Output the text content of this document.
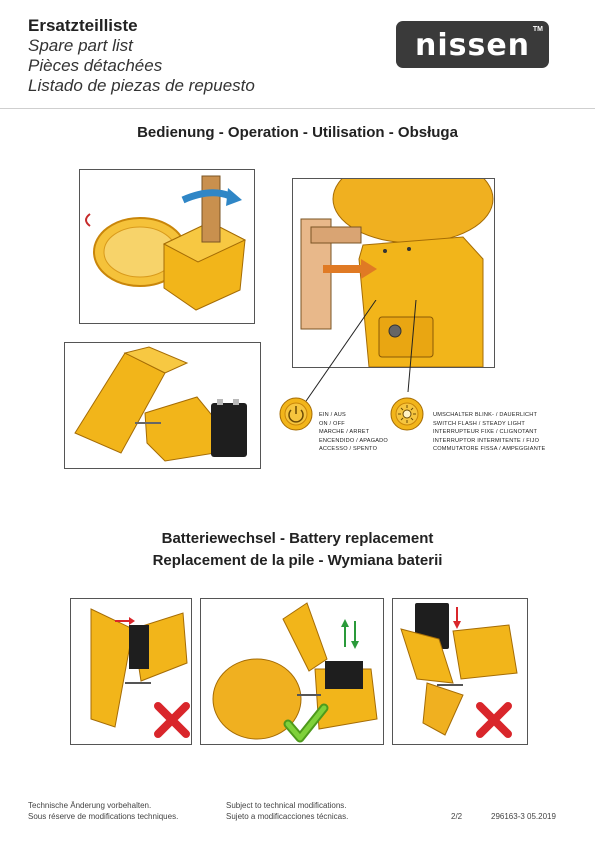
Ersatzteilliste
Spare part list
Pièces détachées
Listado de piezas de repuesto
nissen TM
Bedienung - Operation - Utilisation - Obsługa
EIN / AUS
ON / OFF
MARCHE / ARRET
ENCENDIDO / APAGADO
ACCESSO / SPENTO
UMSCHALTER BLINK- / DAUERLICHT
SWITCH FLASH / STEADY LIGHT
INTERRUPTEUR FIXE / CLIGNOTANT
INTERRUPTOR INTERMITENTE / FIJO
COMMUTATORE FISSA / AMPEGGIANTE
Batteriewechsel - Battery replacement
Replacement de la pile - Wymiana baterii
Technische Änderung vorbehalten.
Sous réserve de modifications techniques.
Subject to technical modifications.
Sujeto a modificacciones técnicas.	2/2	296163-3 05.2019
